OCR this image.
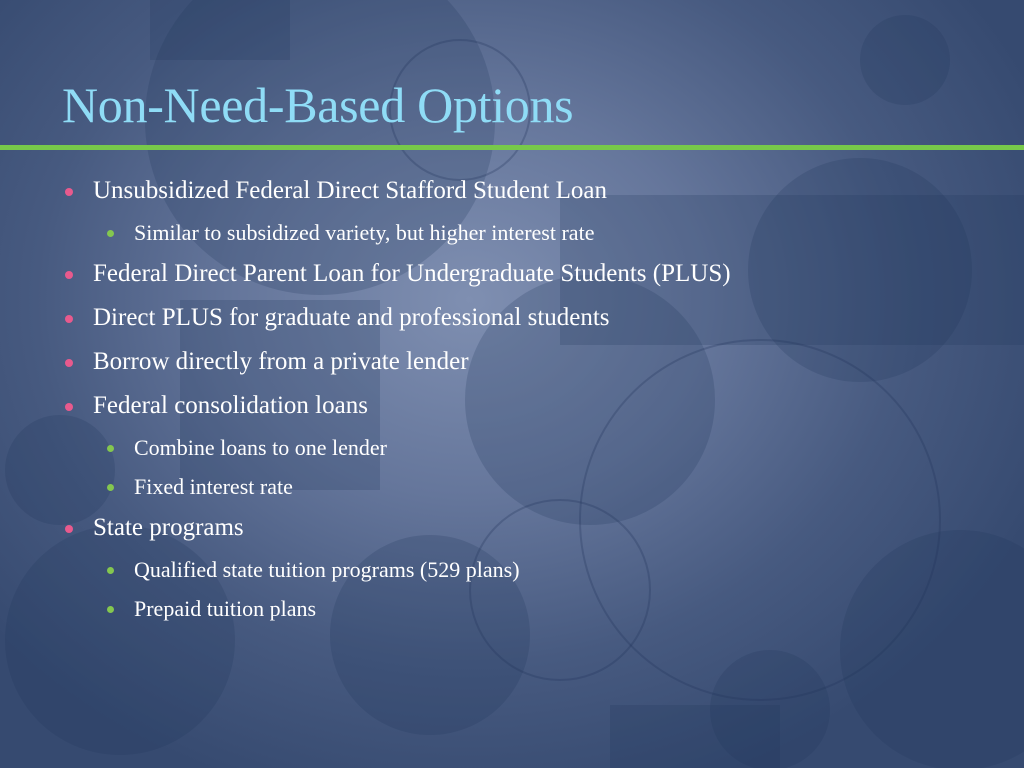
Non-Need-Based Options
Unsubsidized Federal Direct Stafford Student Loan
Similar to subsidized variety, but higher interest rate
Federal Direct Parent Loan for Undergraduate Students (PLUS)
Direct PLUS for graduate and professional students
Borrow directly from a private lender
Federal consolidation loans
Combine loans to one lender
Fixed interest rate
State programs
Qualified state tuition programs (529 plans)
Prepaid tuition plans
